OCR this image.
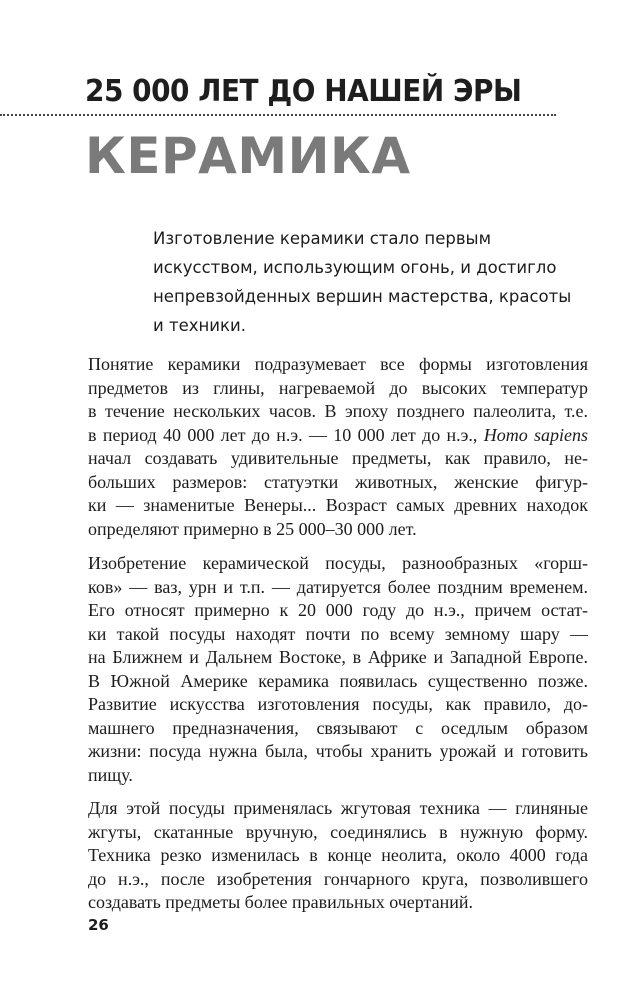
25 000 ЛЕТ ДО НАШЕЙ ЭРЫ
КЕРАМИКА
Изготовление керамики стало первым
искусством, использующим огонь, и достигло
непревзойденных вершин мастерства, красоты
и техники.
Понятие керамики подразумевает все формы изготовления
предметов из глины, нагреваемой до высоких температур
в течение нескольких часов. В эпоху позднего палеолита, т.е.
в период 40 000 лет до н.э. — 10 000 лет до н.э., Homo sapiens
начал создавать удивительные предметы, как правило, не-
больших размеров: статуэтки животных, женские фигур-
ки — знаменитые Венеры... Возраст самых древних находок
определяют примерно в 25 000–30 000 лет.
Изобретение керамической посуды, разнообразных «горш-
ков» — ваз, урн и т.п. — датируется более поздним временем.
Его относят примерно к 20 000 году до н.э., причем остат-
ки такой посуды находят почти по всему земному шару —
на Ближнем и Дальнем Востоке, в Африке и Западной Европе.
В Южной Америке керамика появилась существенно позже.
Развитие искусства изготовления посуды, как правило, до-
машнего предназначения, связывают с оседлым образом
жизни: посуда нужна была, чтобы хранить урожай и готовить
пищу.
Для этой посуды применялась жгутовая техника — глиняные
жгуты, скатанные вручную, соединялись в нужную форму.
Техника резко изменилась в конце неолита, около 4000 года
до н.э., после изобретения гончарного круга, позволившего
создавать предметы более правильных очертаний.
26
